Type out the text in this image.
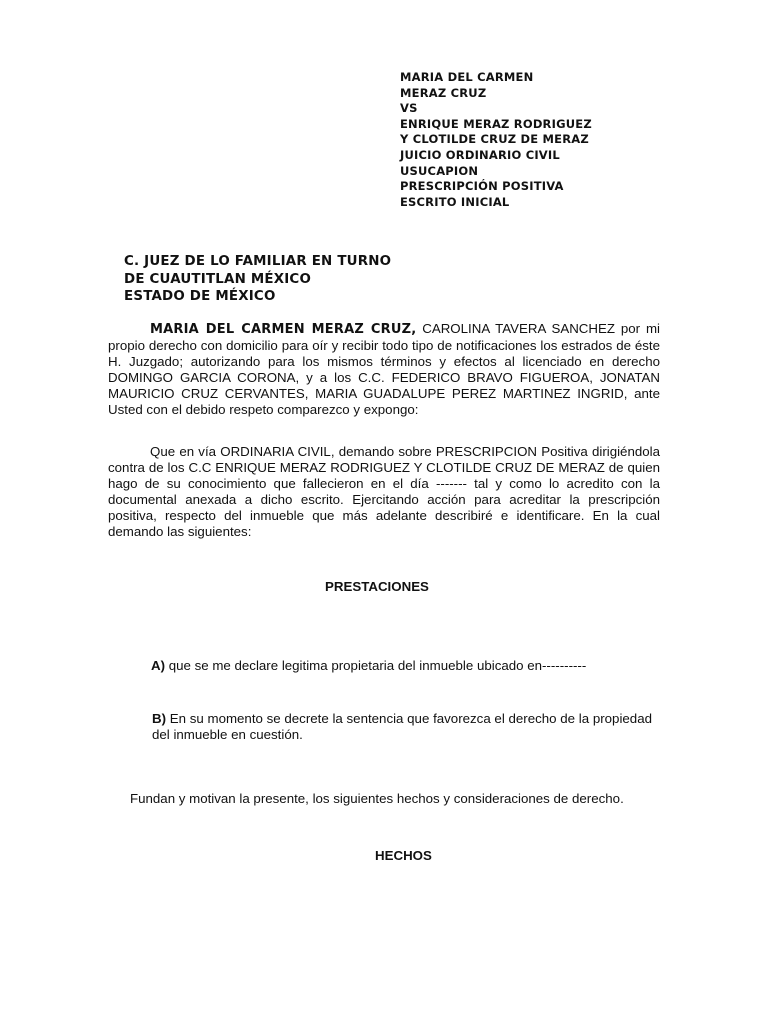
MARIA DEL CARMEN
MERAZ CRUZ
VS
ENRIQUE MERAZ RODRIGUEZ
Y CLOTILDE CRUZ DE MERAZ
JUICIO ORDINARIO CIVIL
USUCAPION
PRESCRIPCIÓN POSITIVA
ESCRITO INICIAL
C. JUEZ DE LO FAMILIAR EN TURNO
DE CUAUTITLAN MÉXICO
ESTADO DE MÉXICO

MARIA DEL CARMEN MERAZ CRUZ, CAROLINA TAVERA SANCHEZ por mi propio derecho con domicilio para oír y recibir todo tipo de notificaciones los estrados de éste H. Juzgado; autorizando para los mismos términos y efectos al licenciado en derecho DOMINGO GARCIA CORONA, y a los C.C. FEDERICO BRAVO FIGUEROA, JONATAN MAURICIO CRUZ CERVANTES, MARIA GUADALUPE PEREZ MARTINEZ INGRID, ante Usted con el debido respeto comparezco y expongo:

Que en vía ORDINARIA CIVIL, demando sobre PRESCRIPCION Positiva dirigiéndola contra de los C.C ENRIQUE MERAZ RODRIGUEZ Y CLOTILDE CRUZ DE MERAZ de quien hago de su conocimiento que fallecieron en el día ------- tal y como lo acredito con la documental anexada a dicho escrito. Ejercitando acción para acreditar la prescripción positiva, respecto del inmueble que más adelante describiré e identificare. En la cual demando las siguientes:

PRESTACIONES
A) que se me declare legitima propietaria del inmueble ubicado en----------
B) En su momento se decrete la sentencia que favorezca el derecho de la propiedad del inmueble en cuestión.

Fundan y motivan la presente, los siguientes hechos y consideraciones de derecho.

HECHOS
